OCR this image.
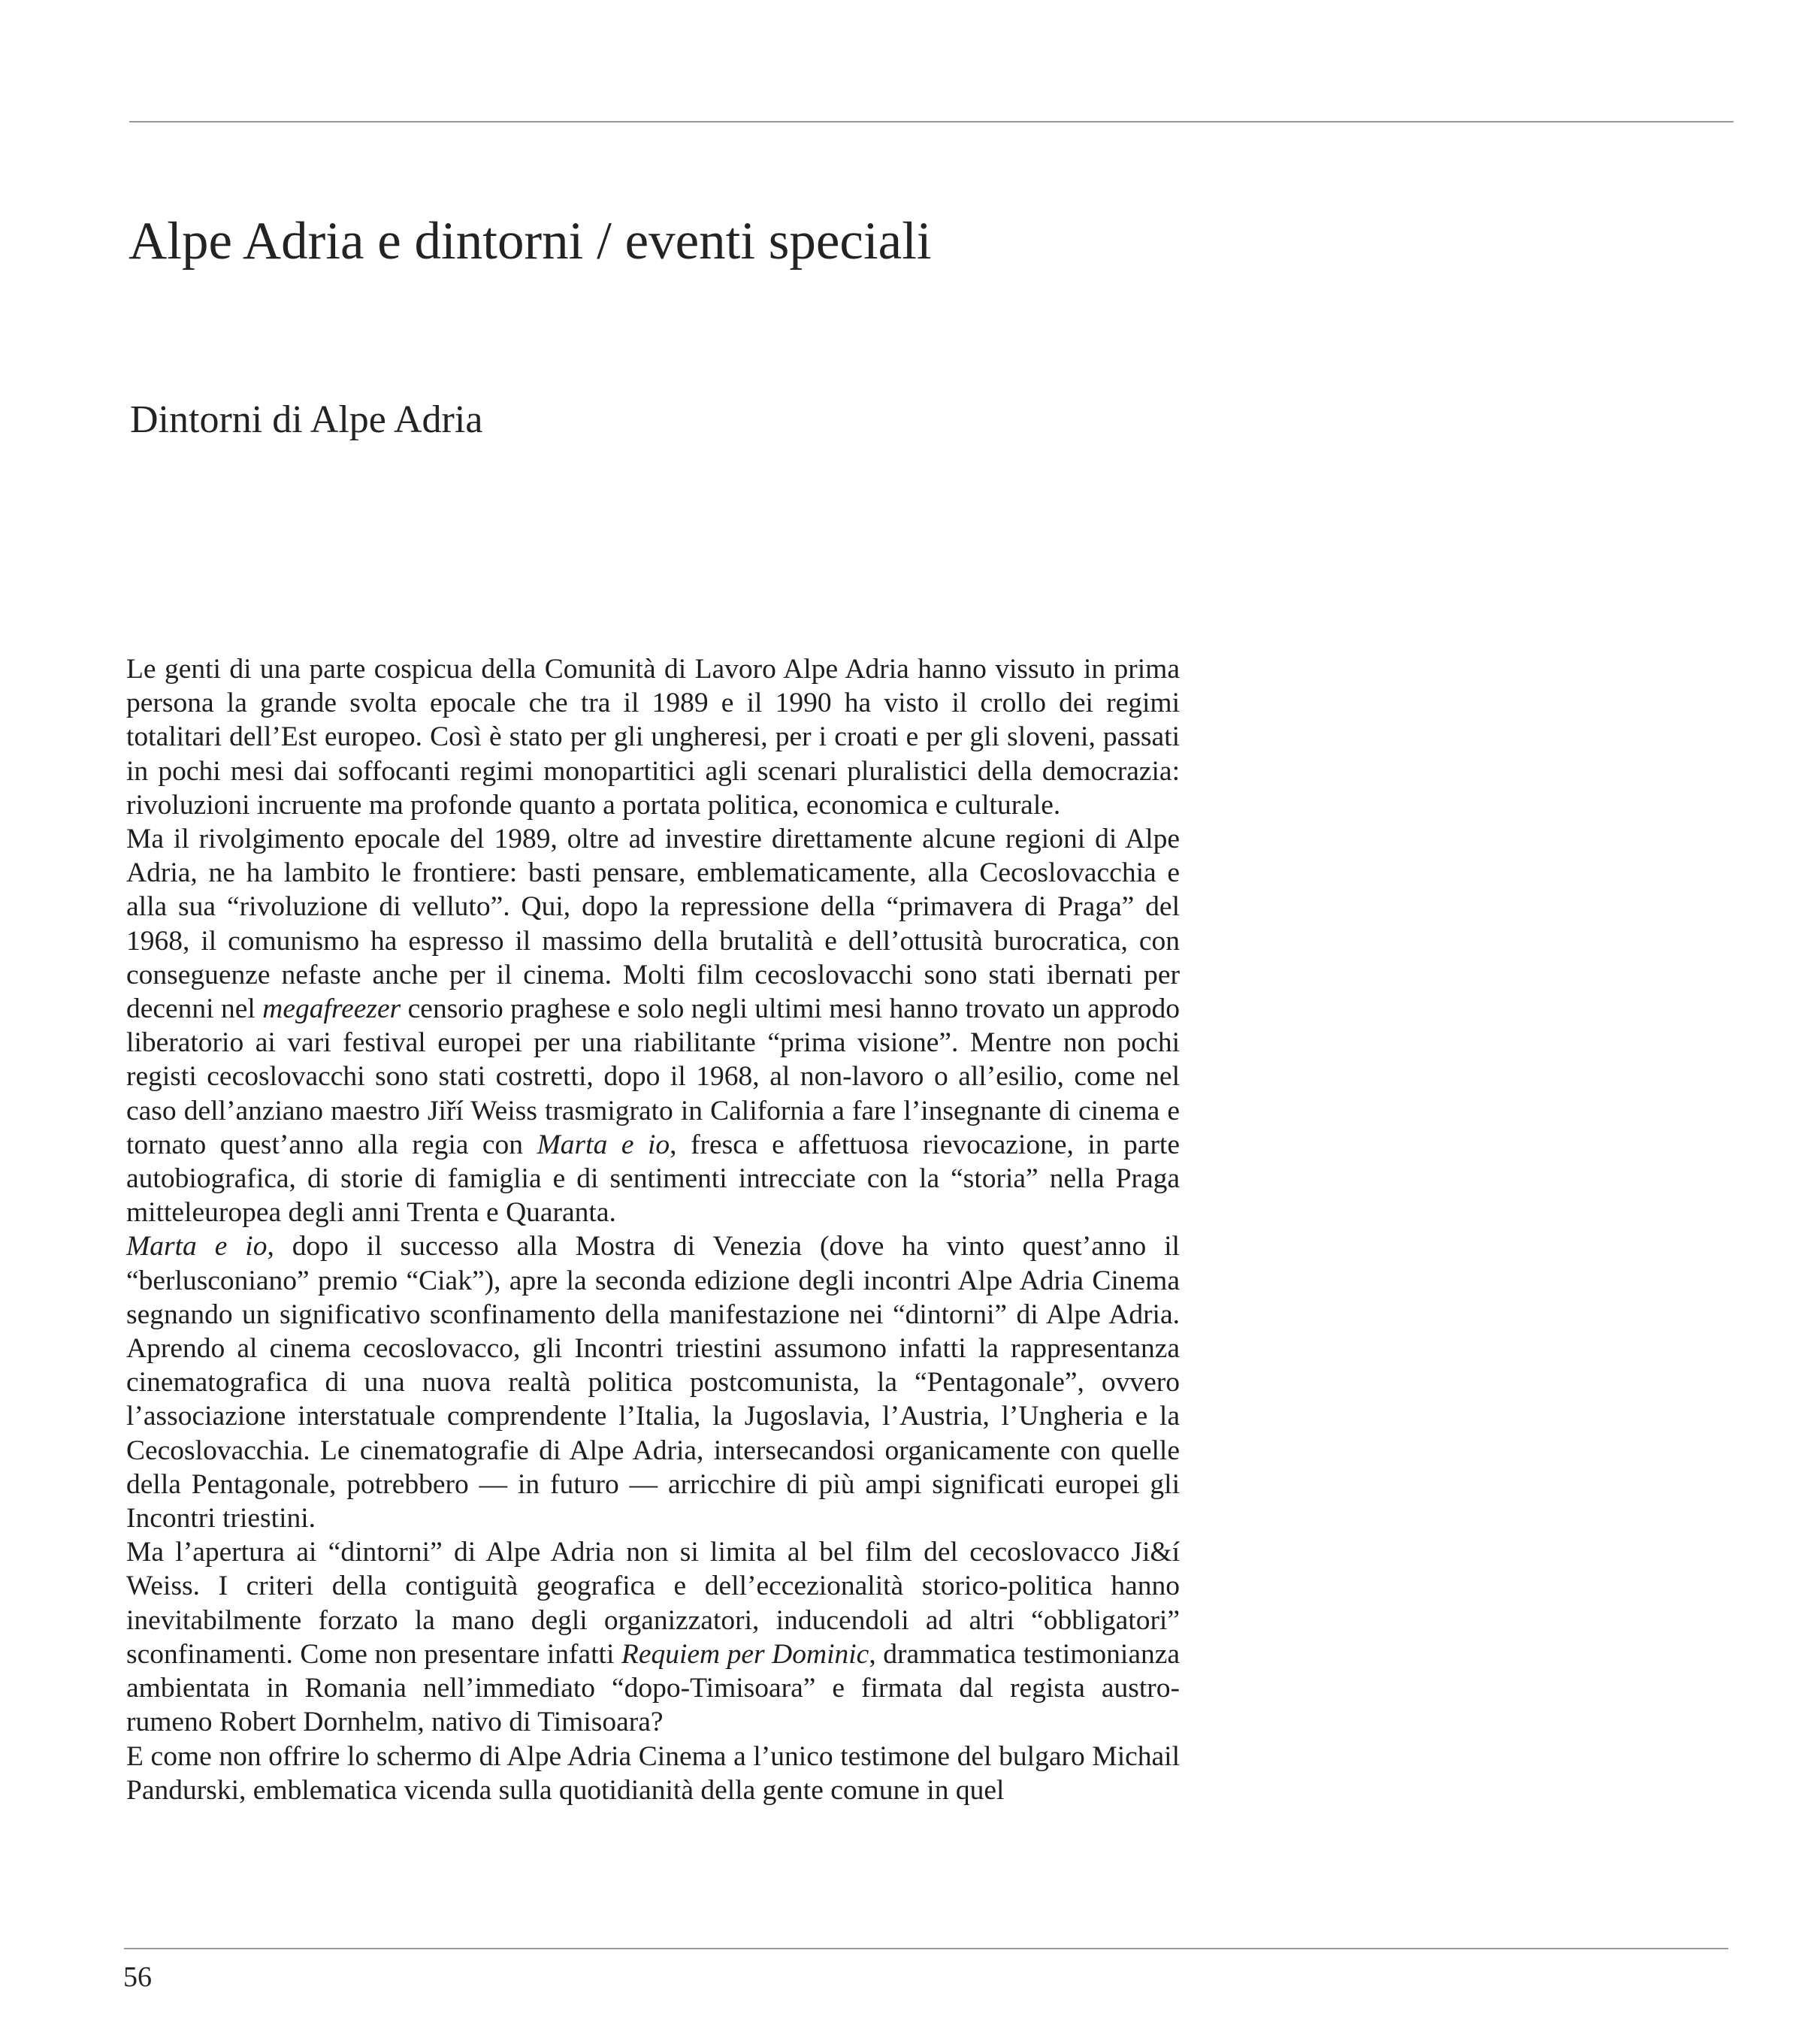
Alpe Adria e dintorni / eventi speciali
Dintorni di Alpe Adria

Le genti di una parte cospicua della Comunità di Lavoro Alpe Adria hanno vissuto in prima persona la grande svolta epocale che tra il 1989 e il 1990 ha visto il crollo dei regimi totalitari dell’Est europeo. Così è stato per gli ungheresi, per i croati e per gli sloveni, passati in pochi mesi dai soffocanti regimi monopartitici agli scenari pluralistici della democrazia: rivoluzioni incruente ma profonde quanto a portata politica, economica e culturale.

Ma il rivolgimento epocale del 1989, oltre ad investire direttamente alcune regioni di Alpe Adria, ne ha lambito le frontiere: basti pensare, emblematicamente, alla Cecoslovacchia e alla sua “rivoluzione di velluto”. Qui, dopo la repressione della “primavera di Praga” del 1968, il comunismo ha espresso il massimo della brutalità e dell’ottusità burocratica, con conseguenze nefaste anche per il cinema. Molti film cecoslovacchi sono stati ibernati per decenni nel megafreezer censorio praghese e solo negli ultimi mesi hanno trovato un approdo liberatorio ai vari festival europei per una riabilitante “prima visione”. Mentre non pochi registi cecoslovacchi sono stati costretti, dopo il 1968, al non-lavoro o all’esilio, come nel caso dell’anziano maestro Jiří Weiss trasmigrato in California a fare l’insegnante di cinema e tornato quest’anno alla regia con Marta e io, fresca e affettuosa rievocazione, in parte autobiografica, di storie di famiglia e di sentimenti intrecciate con la “storia” nella Praga mitteleuropea degli anni Trenta e Quaranta.

Marta e io, dopo il successo alla Mostra di Venezia (dove ha vinto quest’anno il “berlusconiano” premio “Ciak”), apre la seconda edizione degli incontri Alpe Adria Cinema segnando un significativo sconfinamento della manifestazione nei “dintorni” di Alpe Adria. Aprendo al cinema cecoslovacco, gli Incontri triestini assumono infatti la rappresentanza cinematografica di una nuova realtà politica postcomunista, la “Pentagonale”, ovvero l’associazione interstatuale comprendente l’Italia, la Jugoslavia, l’Austria, l’Ungheria e la Cecoslovacchia. Le cinematografie di Alpe Adria, intersecandosi organicamente con quelle della Pentagonale, potrebbero — in futuro — arricchire di più ampi significati europei gli Incontri triestini.

Ma l’apertura ai “dintorni” di Alpe Adria non si limita al bel film del cecoslovacco Ji&í Weiss. I criteri della contiguità geografica e dell’eccezionalità storico-politica hanno inevitabilmente forzato la mano degli organizzatori, inducendoli ad altri “obbligatori” sconfinamenti. Come non presentare infatti Requiem per Dominic, drammatica testimonianza ambientata in Romania nell’immediato “dopo-Timisoara” e firmata dal regista austro-rumeno Robert Dornhelm, nativo di Timisoara?

E come non offrire lo schermo di Alpe Adria Cinema a l’unico testimone del bulgaro Michail Pandurski, emblematica vicenda sulla quotidianità della gente comune in quel

56
